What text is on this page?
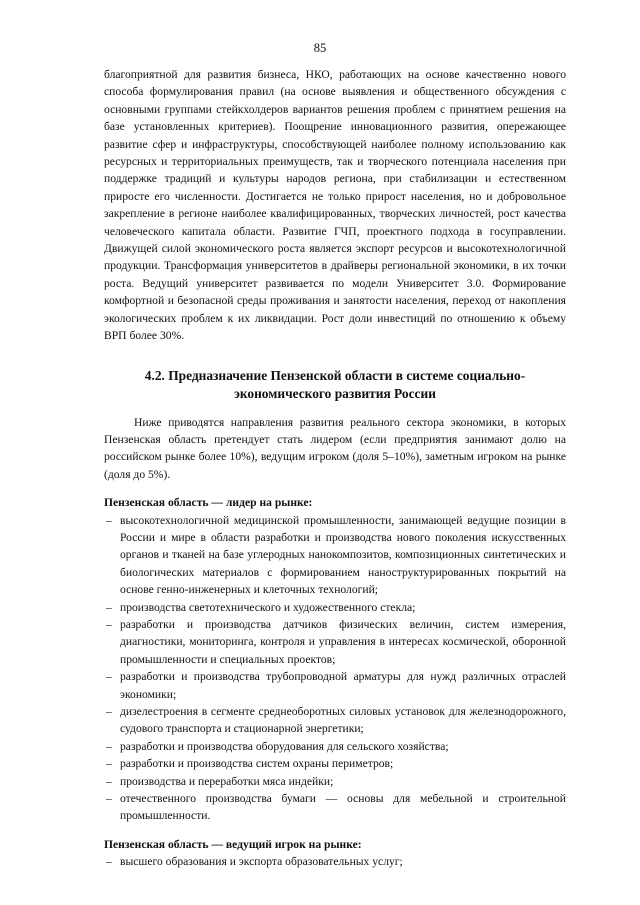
85

благоприятной для развития бизнеса, НКО, работающих на основе качественно нового способа формулирования правил (на основе выявления и общественного обсуждения с основными группами стейкхолдеров вариантов решения проблем с принятием решения на базе установленных критериев). Поощрение инновационного развития, опережающее развитие сфер и инфраструктуры, способствующей наиболее полному использованию как ресурсных и территориальных преимуществ, так и творческого потенциала населения при поддержке традиций и культуры народов региона, при стабилизации и естественном приросте его численности. Достигается не только прирост населения, но и добровольное закрепление в регионе наиболее квалифицированных, творческих личностей, рост качества человеческого капитала области. Развитие ГЧП, проектного подхода в госуправлении. Движущей силой экономического роста является экспорт ресурсов и высокотехнологичной продукции. Трансформация университетов в драйверы региональной экономики, в их точки роста. Ведущий университет развивается по модели Университет 3.0. Формирование комфортной и безопасной среды проживания и занятости населения, переход от накопления экологических проблем к их ликвидации. Рост доли инвестиций по отношению к объему ВРП более 30%.

4.2. Предназначение Пензенской области в системе социально-
экономического развития России

Ниже приводятся направления развития реального сектора экономики, в которых Пензенская область претендует стать лидером (если предприятия занимают долю на российском рынке более 10%), ведущим игроком (доля 5–10%), заметным игроком на рынке (доля до 5%).

Пензенская область — лидер на рынке:
– высокотехнологичной медицинской промышленности, занимающей ведущие позиции в России и мире в области разработки и производства нового поколения искусственных органов и тканей на базе углеродных нанокомпозитов, композиционных синтетических и биологических материалов с формированием наноструктурированных покрытий на основе генно-инженерных и клеточных технологий;
– производства светотехнического и художественного стекла;
– разработки и производства датчиков физических величин, систем измерения, диагностики, мониторинга, контроля и управления в интересах космической, оборонной промышленности и специальных проектов;
– разработки и производства трубопроводной арматуры для нужд различных отраслей экономики;
– дизелестроения в сегменте среднеоборотных силовых установок для железнодорожного, судового транспорта и стационарной энергетики;
– разработки и производства оборудования для сельского хозяйства;
– разработки и производства систем охраны периметров;
– производства и переработки мяса индейки;
– отечественного производства бумаги — основы для мебельной и строительной промышленности.
Пензенская область — ведущий игрок на рынке:
– высшего образования и экспорта образовательных услуг;
